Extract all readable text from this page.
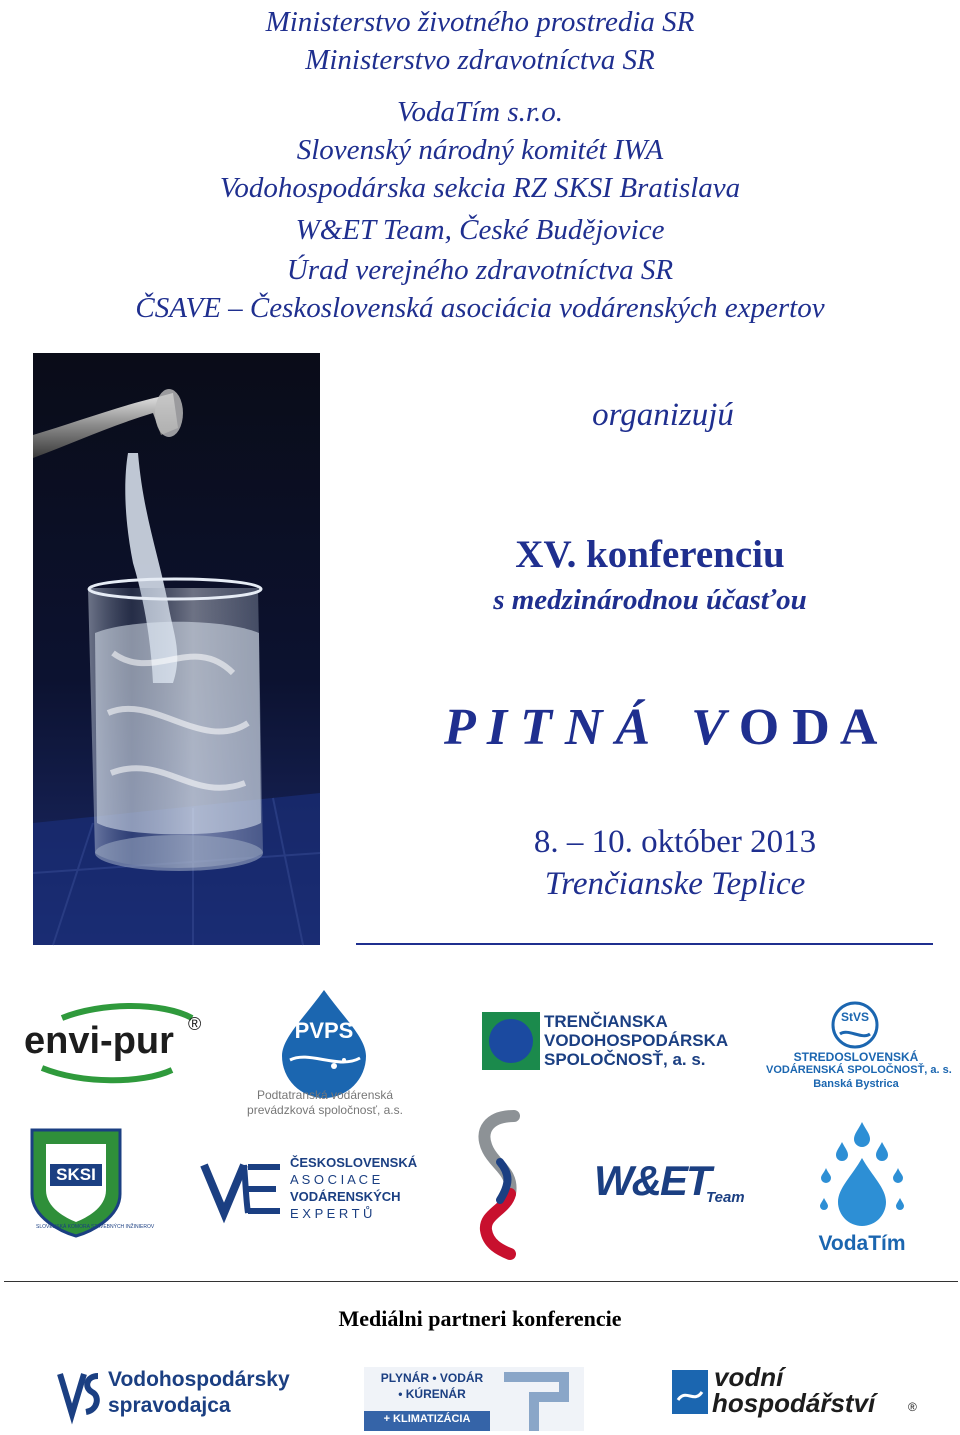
Ministerstvo životného prostredia SR
Ministerstvo zdravotníctva SR
VodaTím s.r.o.
Slovenský národný komitét IWA
Vodohospodárska sekcia RZ SKSI Bratislava
W&ET Team, České Budějovice
Úrad verejného zdravotníctva SR
ČSAVE – Československá asociácia vodárenských expertov
organizujú
XV. konferenciu
s medzinárodnou účasťou
P I T N Á V O D A
8. – 10. október 2013
Trenčianske Teplice
envi-pur ®	PVPS
Podtatranská vodárenská
prevádzková spoločnosť, a.s.
TRENČIANSKA
VODOHOSPODÁRSKA
SPOLOČNOSŤ, a. s.
StVS
STREDOSLOVENSKÁ
VODÁRENSKÁ SPOLOČNOSŤ, a. s.
Banská Bystrica
SKSI
SLOVENSKÁ KOMORA STAVEBNÝCH INŽINIEROV
ČESKOSLOVENSKÁ
A S O C I A C E
VODÁRENSKÝCH
E X P E R T Ů
W&ET
Team
VodaTím
Mediálni partneri konferencie
Vodohospodársky
spravodajca
PLYNÁR • VODÁR
• KÚRENÁR
+ KLIMATIZÁCIA
vodní
hospodářství	®
